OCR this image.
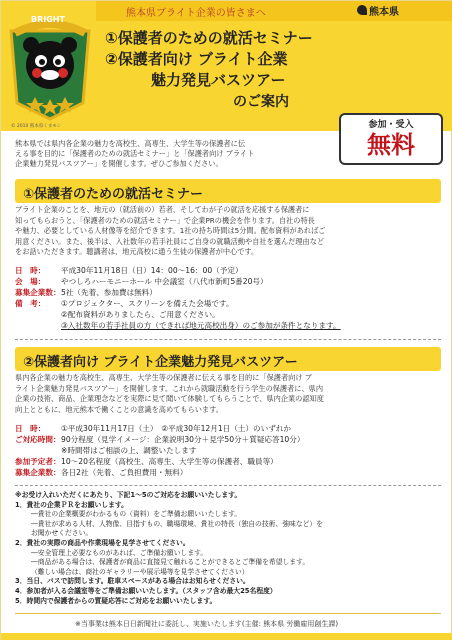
熊本県ブライト企業の皆さまへ	熊本県
BRIGHT
© 2010 熊本県くまモン
①保護者のための就活セミナー
②保護者向け ブライト企業
魅力発見バスツアー
のご案内
参加・受入
無料
熊本県では県内各企業の魅力を高校生、高専生、大学生等の保護者に伝
える事を目的に「保護者のための就活セミナー」と「保護者向け ブライト
企業魅力発見バスツアー」を開催します。ぜひご参加ください。
①保護者のための就活セミナー
ブライト企業のことを、地元の（就活前の）若者、そしてわが子の就活を応援する保護者に
知ってもらおうと、「保護者のための就活セミナー」で企業PRの機会を作ります。自社の特長
や魅力、必要としている人材像等を紹介できます。1社の持ち時間は5分間。配布資料があればご
用意ください。また、後半は、入社数年の若手社員にご自身の就職活動や自社を選んだ理由など
をお話いただきます。聴講者は、地元高校に通う生徒の保護者が中心です。
日　時：	平成30年11月18日（日）14：00～16：00（予定）
会　場：	やつしろハーモニーホール 中会議室（八代市新町5番20号）
募集企業数： 5社（先着、参加費は無料）
備　考：	①プロジェクター、スクリーンを備えた会場です。
②配布資料がありましたら、ご用意ください。
③入社数年の若手社員の方（できれば地元高校出身）のご参加が条件となります。
②保護者向け ブライト企業魅力発見バスツアー
県内各企業の魅力を高校生、高専生、大学生等の保護者に伝える事を目的に「保護者向け ブ
ライト企業魅力発見バスツアー」を開催します。これから就職活動を行う学生の保護者に、県内
企業の技術、商品、企業理念などを実際に見て聞いて体験してもらうことで、県内企業の認知度
向上とともに、地元熊本で働くことの意識を高めてもらいます。
日　時：	①平成30年11月17日（土）　②平成30年12月1日（土）のいずれか
ご対応時間： 90分程度（見学イメージ：企業説明30分＋見学50分＋質疑応答10分）
※時間帯はご相談の上、調整いたします
参加予定者： 10～20名程度（高校生、高専生、大学生等の保護者、職員等）
募集企業数： 各日2社（先着、ご負担費用・無料）
※お受け入れいただくにあたり、下記1～5のご対応をお願いいたします。
1．貴社の企業ＰＲをお願いします。
―貴社の企業概要がわかるもの（資料）をご準備お願いいたします。
―貴社が求める人材、人物像、目指すもの、職場環境、貴社の特長（独自の技術、強味など）を
お聞かせください。
2．貴社の実際の商品や作業現場を見学させてください。
―安全管理上必要なものがあれば、ご準備お願いします。
―商品がある場合は、保護者が商品に直接見て触れることができるとご準備を希望します。
（難しい場合は、商社のギャラリーや展示場等を見学させてください）
3．当日、バスで訪問します。駐車スペースがある場合はお知らせください。
4．参加者が入る会議室等をご準備お願いいたします。（スタッフ含め最大25名程度）
5．時間内で保護者からの質疑応答にご対応をお願いいたします。
※当事業は熊本日日新聞社に委託し、実施いたします(主催: 熊本県 労働雇用創生課)
